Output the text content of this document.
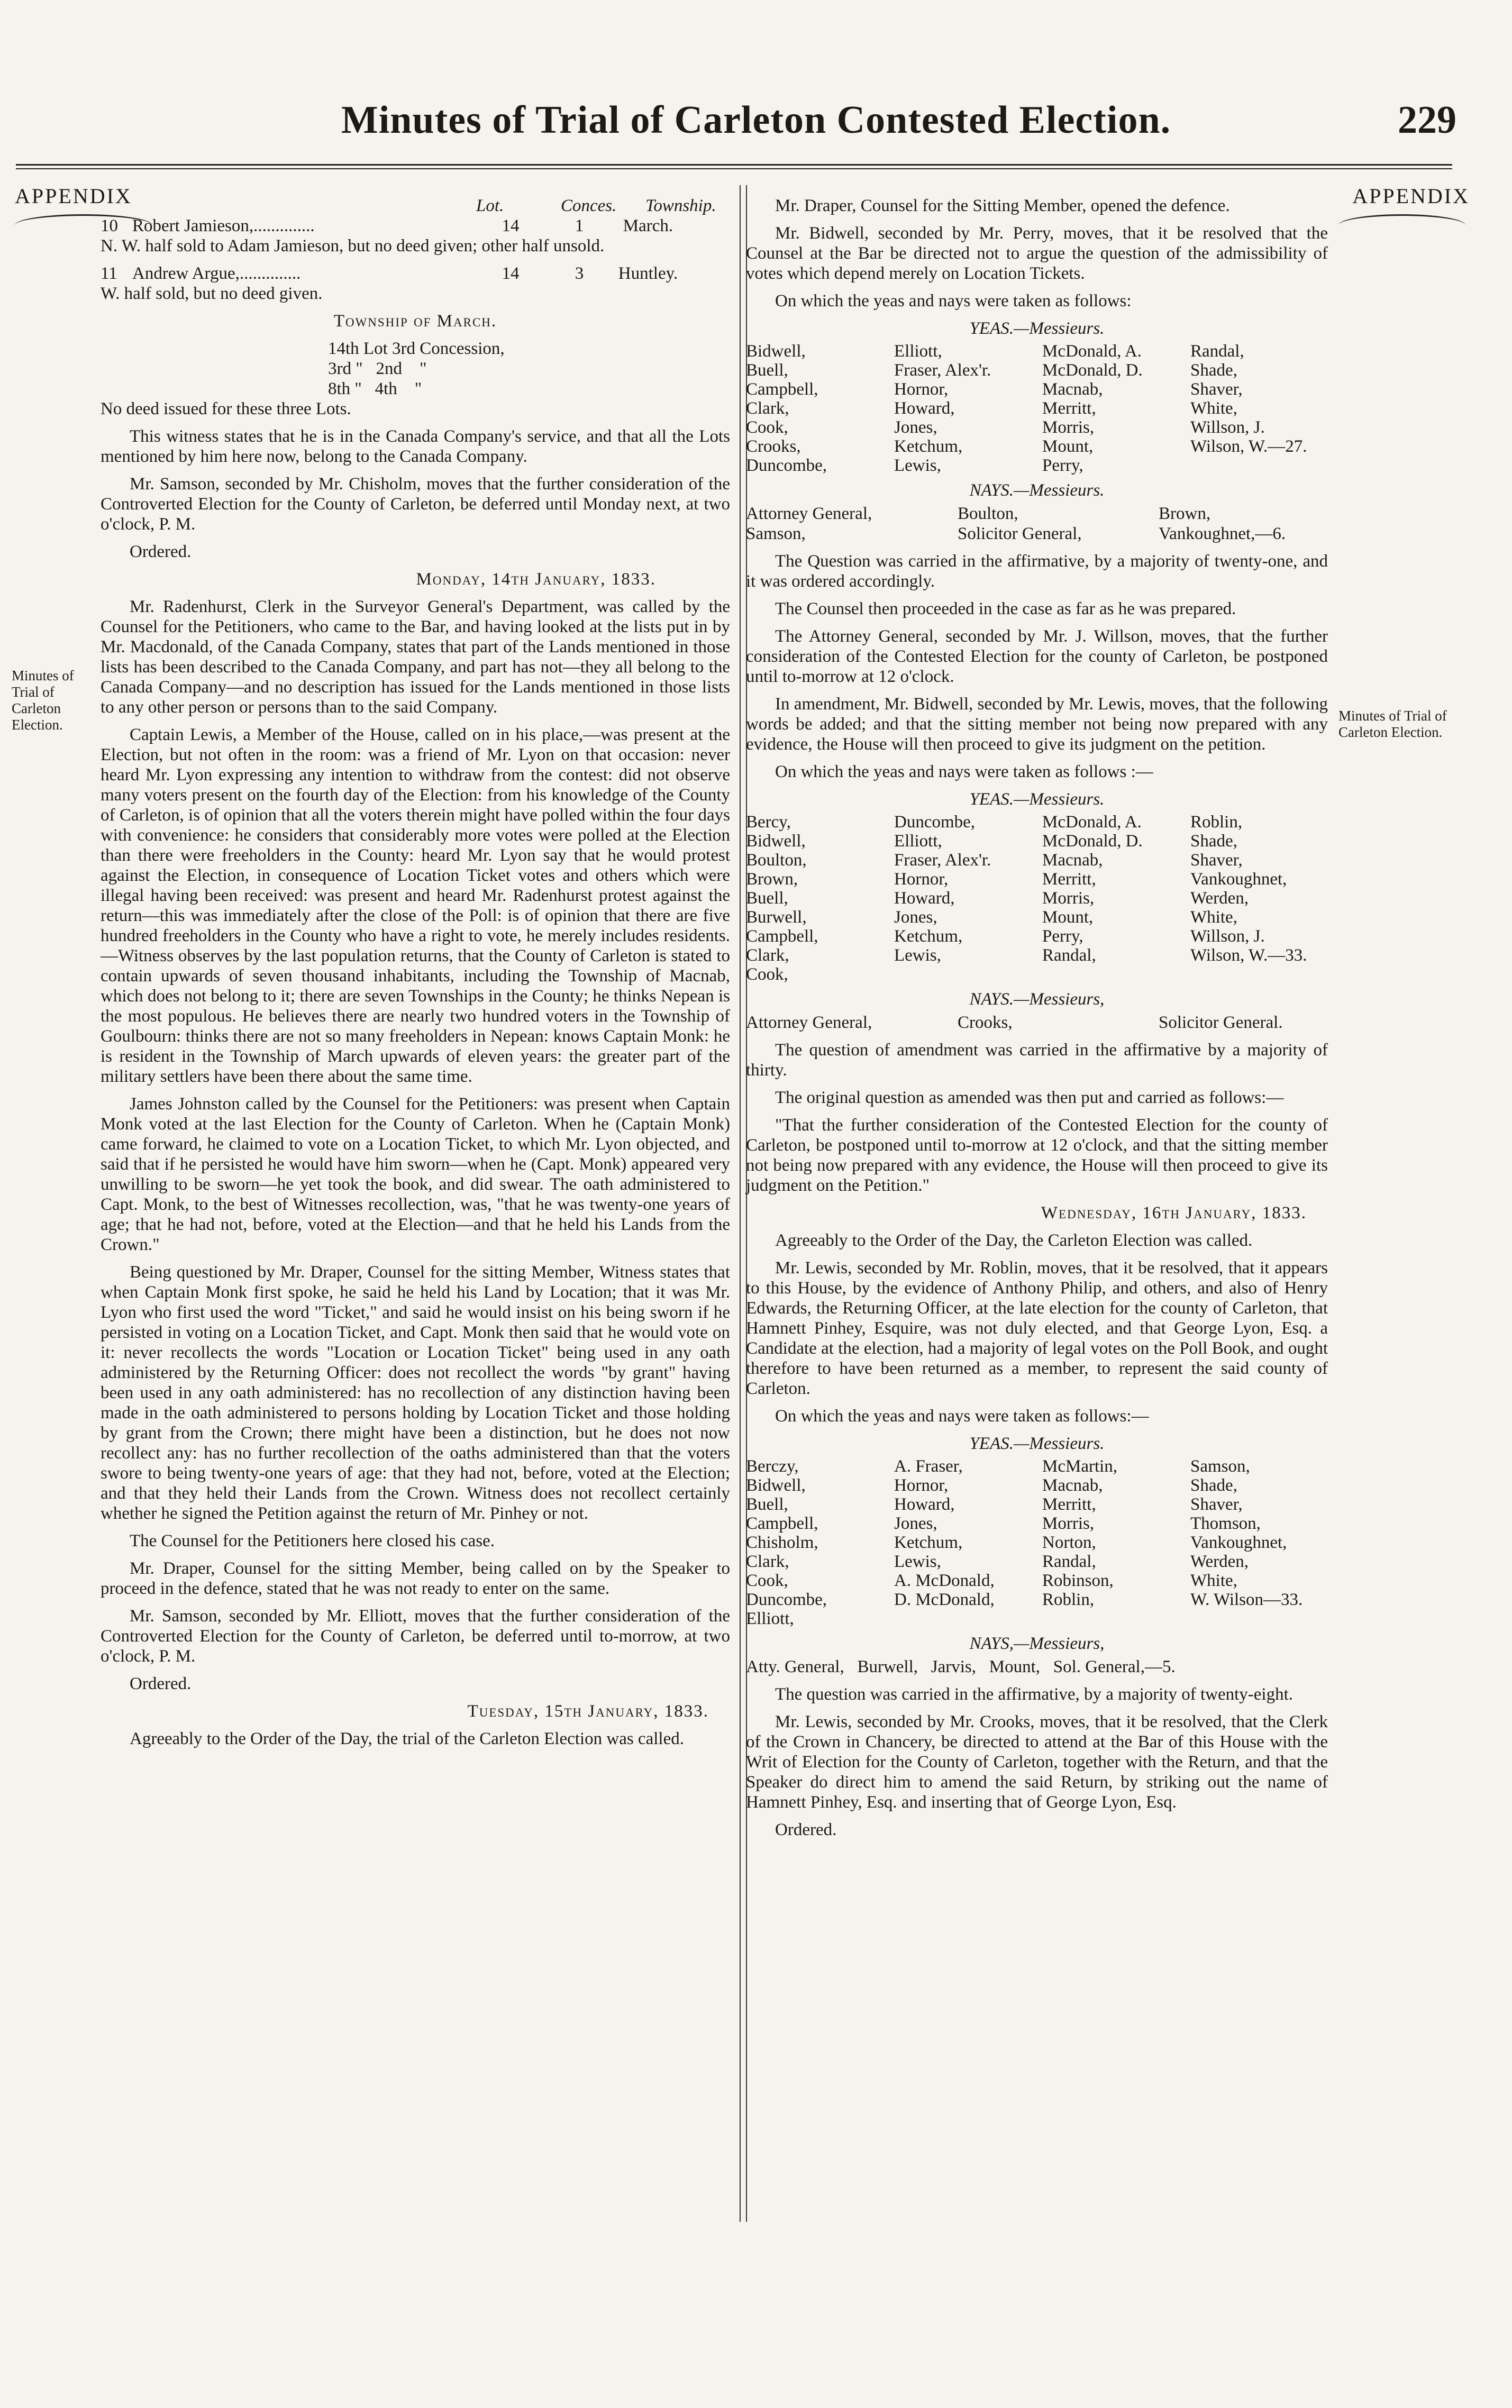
Minutes of Trial of Carleton Contested Election.	229
APPENDIX	APPENDIX
Minutes of Trial of Carleton Election.
Minutes of Trial of Carleton Election.
Lot.	Conces.	Township.
10 Robert Jamieson,..............	14	1	March.

N. W. half sold to Adam Jamieson, but no deed given; other half unsold.

11 Andrew Argue,..............	14	3	Huntley.

W. half sold, but no deed given.

Township of March.

14th Lot 3rd Concession,

3rd "   2nd    "

8th "   4th    "

No deed issued for these three Lots.

This witness states that he is in the Canada Company's service, and that all the Lots mentioned by him here now, belong to the Canada Company.

Mr. Samson, seconded by Mr. Chisholm, moves that the further consideration of the Controverted Election for the County of Carleton, be deferred until Monday next, at two o'clock, P. M.

Ordered.

Monday, 14th January, 1833.

Mr. Radenhurst, Clerk in the Surveyor General's Department, was called by the Counsel for the Petitioners, who came to the Bar, and having looked at the lists put in by Mr. Macdonald, of the Canada Company, states that part of the Lands mentioned in those lists has been described to the Canada Company, and part has not—they all belong to the Canada Company—and no description has issued for the Lands mentioned in those lists to any other person or persons than to the said Company.

Captain Lewis, a Member of the House, called on in his place,—was present at the Election, but not often in the room: was a friend of Mr. Lyon on that occasion: never heard Mr. Lyon expressing any intention to withdraw from the contest: did not observe many voters present on the fourth day of the Election: from his knowledge of the County of Carleton, is of opinion that all the voters therein might have polled within the four days with convenience: he considers that considerably more votes were polled at the Election than there were freeholders in the County: heard Mr. Lyon say that he would protest against the Election, in consequence of Location Ticket votes and others which were illegal having been received: was present and heard Mr. Radenhurst protest against the return—this was immediately after the close of the Poll: is of opinion that there are five hundred freeholders in the County who have a right to vote, he merely includes residents.—Witness observes by the last population returns, that the County of Carleton is stated to contain upwards of seven thousand inhabitants, including the Township of Macnab, which does not belong to it; there are seven Townships in the County; he thinks Nepean is the most populous. He believes there are nearly two hundred voters in the Township of Goulbourn: thinks there are not so many freeholders in Nepean: knows Captain Monk: he is resident in the Township of March upwards of eleven years: the greater part of the military settlers have been there about the same time.

James Johnston called by the Counsel for the Petitioners: was present when Captain Monk voted at the last Election for the County of Carleton. When he (Captain Monk) came forward, he claimed to vote on a Location Ticket, to which Mr. Lyon objected, and said that if he persisted he would have him sworn—when he (Capt. Monk) appeared very unwilling to be sworn—he yet took the book, and did swear. The oath administered to Capt. Monk, to the best of Witnesses recollection, was, "that he was twenty-one years of age; that he had not, before, voted at the Election—and that he held his Lands from the Crown."

Being questioned by Mr. Draper, Counsel for the sitting Member, Witness states that when Captain Monk first spoke, he said he held his Land by Location; that it was Mr. Lyon who first used the word "Ticket," and said he would insist on his being sworn if he persisted in voting on a Location Ticket, and Capt. Monk then said that he would vote on it: never recollects the words "Location or Location Ticket" being used in any oath administered by the Returning Officer: does not recollect the words "by grant" having been used in any oath administered: has no recollection of any distinction having been made in the oath administered to persons holding by Location Ticket and those holding by grant from the Crown; there might have been a distinction, but he does not now recollect any: has no further recollection of the oaths administered than that the voters swore to being twenty-one years of age: that they had not, before, voted at the Election; and that they held their Lands from the Crown. Witness does not recollect certainly whether he signed the Petition against the return of Mr. Pinhey or not.

The Counsel for the Petitioners here closed his case.

Mr. Draper, Counsel for the sitting Member, being called on by the Speaker to proceed in the defence, stated that he was not ready to enter on the same.

Mr. Samson, seconded by Mr. Elliott, moves that the further consideration of the Controverted Election for the County of Carleton, be deferred until to-morrow, at two o'clock, P. M.

Ordered.

Tuesday, 15th January, 1833.

Agreeably to the Order of the Day, the trial of the Carleton Election was called.

Mr. Draper, Counsel for the Sitting Member, opened the defence.

Mr. Bidwell, seconded by Mr. Perry, moves, that it be resolved that the Counsel at the Bar be directed not to argue the question of the admissibility of votes which depend merely on Location Tickets.

On which the yeas and nays were taken as follows:

YEAS.—Messieurs.
Bidwell,	Elliott,	McDonald, A.	Randal,
Buell,	Fraser, Alex'r.	McDonald, D.	Shade,
Campbell,	Hornor,	Macnab,	Shaver,
Clark,	Howard,	Merritt,	White,
Cook,	Jones,	Morris,	Willson, J.
Crooks,	Ketchum,	Mount,	Wilson, W.—27.
Duncombe,	Lewis,	Perry,
NAYS.—Messieurs.
Attorney General,	Boulton,	Brown,
Samson,	Solicitor General,	Vankoughnet,—6.

The Question was carried in the affirmative, by a majority of twenty-one, and it was ordered accordingly.

The Counsel then proceeded in the case as far as he was prepared.

The Attorney General, seconded by Mr. J. Willson, moves, that the further consideration of the Contested Election for the county of Carleton, be postponed until to-morrow at 12 o'clock.

In amendment, Mr. Bidwell, seconded by Mr. Lewis, moves, that the following words be added; and that the sitting member not being now prepared with any evidence, the House will then proceed to give its judgment on the petition.

On which the yeas and nays were taken as follows :—

YEAS.—Messieurs.
Bercy,	Duncombe,	McDonald, A.	Roblin,
Bidwell,	Elliott,	McDonald, D.	Shade,
Boulton,	Fraser, Alex'r.	Macnab,	Shaver,
Brown,	Hornor,	Merritt,	Vankoughnet,
Buell,	Howard,	Morris,	Werden,
Burwell,	Jones,	Mount,	White,
Campbell,	Ketchum,	Perry,	Willson, J.
Clark,	Lewis,	Randal,	Wilson, W.—33.
Cook,
NAYS.—Messieurs,
Attorney General,	Crooks,	Solicitor General.

The question of amendment was carried in the affirmative by a majority of thirty.

The original question as amended was then put and carried as follows:—

"That the further consideration of the Contested Election for the county of Carleton, be postponed until to-morrow at 12 o'clock, and that the sitting member not being now prepared with any evidence, the House will then proceed to give its judgment on the Petition."

Wednesday, 16th January, 1833.

Agreeably to the Order of the Day, the Carleton Election was called.

Mr. Lewis, seconded by Mr. Roblin, moves, that it be resolved, that it appears to this House, by the evidence of Anthony Philip, and others, and also of Henry Edwards, the Returning Officer, at the late election for the county of Carleton, that Hamnett Pinhey, Esquire, was not duly elected, and that George Lyon, Esq. a Candidate at the election, had a majority of legal votes on the Poll Book, and ought therefore to have been returned as a member, to represent the said county of Carleton.

On which the yeas and nays were taken as follows:—

YEAS.—Messieurs.
Berczy,	A. Fraser,	McMartin,	Samson,
Bidwell,	Hornor,	Macnab,	Shade,
Buell,	Howard,	Merritt,	Shaver,
Campbell,	Jones,	Morris,	Thomson,
Chisholm,	Ketchum,	Norton,	Vankoughnet,
Clark,	Lewis,	Randal,	Werden,
Cook,	A. McDonald,	Robinson,	White,
Duncombe,	D. McDonald,	Roblin,	W. Wilson—33.
Elliott,
NAYS,—Messieurs,

Atty. General,   Burwell,   Jarvis,   Mount,   Sol. General,—5.

The question was carried in the affirmative, by a majority of twenty-eight.

Mr. Lewis, seconded by Mr. Crooks, moves, that it be resolved, that the Clerk of the Crown in Chancery, be directed to attend at the Bar of this House with the Writ of Election for the County of Carleton, together with the Return, and that the Speaker do direct him to amend the said Return, by striking out the name of Hamnett Pinhey, Esq. and inserting that of George Lyon, Esq.

Ordered.
